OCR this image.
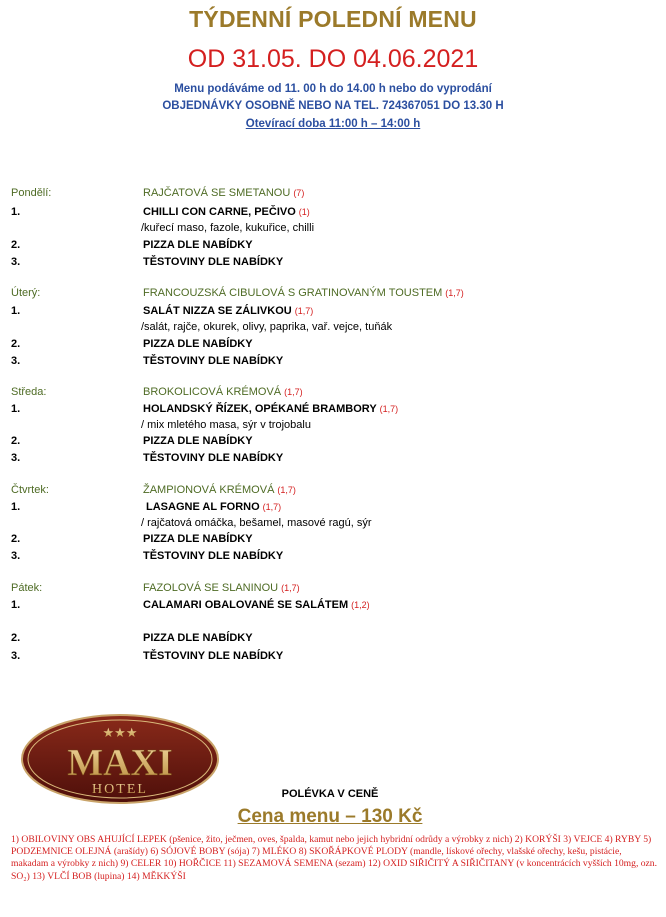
TÝDENNÍ POLEDNÍ MENU
OD 31.05. DO 04.06.2021
Menu podáváme od 11. 00 h do 14.00 h nebo do vyprodání
OBJEDNÁVKY OSOBNĚ NEBO NA TEL. 724367051 DO 13.30 H
Otevírací doba 11:00 h – 14:00 h
Pondělí:	RAJČATOVÁ SE SMETANOU (7)
1.	CHILLI CON CARNE, PEČIVO (1)
/kuřecí maso, fazole, kukuřice, chilli
2.	PIZZA DLE NABÍDKY
3.	TĚSTOVINY DLE NABÍDKY
Úterý:	FRANCOUZSKÁ CIBULOVÁ S GRATINOVANÝM TOUSTEM (1,7)
1.	SALÁT NIZZA SE ZÁLIVKOU (1,7)
/salát, rajče, okurek, olivy, paprika, vař. vejce, tuňák
2.	PIZZA DLE NABÍDKY
3.	TĚSTOVINY DLE NABÍDKY
Středa:	BROKOLICOVÁ KRÉMOVÁ (1,7)
1.	HOLANDSKÝ ŘÍZEK, OPÉKANÉ BRAMBORY (1,7)
/ mix mletého masa, sýr v trojobalu
2.	PIZZA DLE NABÍDKY
3.	TĚSTOVINY DLE NABÍDKY
Čtvrtek:	ŽAMPIONOVÁ KRÉMOVÁ (1,7)
1.	LASAGNE AL FORNO (1,7)
/ rajčatová omáčka, bešamel, masové ragú, sýr
2.	PIZZA DLE NABÍDKY
3.	TĚSTOVINY DLE NABÍDKY
Pátek:	FAZOLOVÁ SE SLANINOU (1,7)
1.	CALAMARI OBALOVANÉ SE SALÁTEM (1,2)
2.	PIZZA DLE NABÍDKY
3.	TĚSTOVINY DLE NABÍDKY
★★★
MAXI
HOTEL	POLÉVKA V CENĚ
Cena menu – 130 Kč
1) OBILOVINY OBS AHUJÍCÍ LEPEK (pšenice, žito, ječmen, oves, špalda, kamut nebo jejich hybridní odrůdy a výrobky z nich) 2) KORÝŠI 3) VEJCE 4) RYBY 5) PODZEMNICE OLEJNÁ (arašídy) 6) SÓJOVÉ BOBY (sója) 7) MLÉKO 8) SKOŘÁPKOVÉ PLODY (mandle, lískové ořechy, vlašské ořechy, kešu, pistácie, makadam a výrobky z nich) 9) CELER 10) HOŘČICE 11) SEZAMOVÁ SEMENA (sezam) 12) OXID SIŘIČITÝ A SIŘIČITANY (v koncentrácích vyšších 10mg, ozn. SO₂) 13) VLČÍ BOB (lupina) 14) MĚKKÝŠI
